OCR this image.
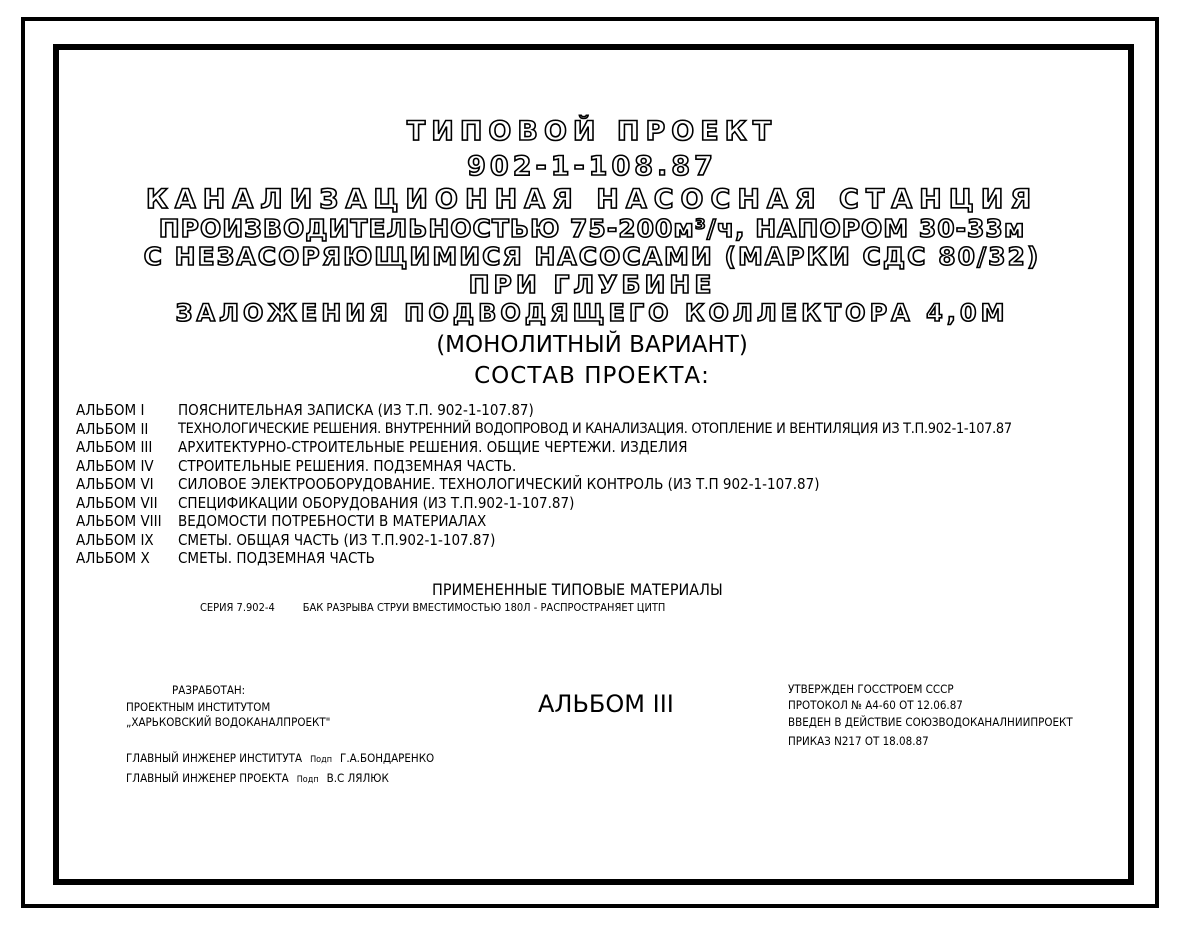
ТИПОВОЙ ПРОЕКТ
902-1-108.87
КАНАЛИЗАЦИОННАЯ НАСОСНАЯ СТАНЦИЯ
ПРОИЗВОДИТЕЛЬНОСТЬЮ 75-200м³/ч, НАПОРОМ 30-33м
С НЕЗАСОРЯЮЩИМИСЯ НАСОСАМИ (МАРКИ СДС 80/32)
ПРИ ГЛУБИНЕ
ЗАЛОЖЕНИЯ ПОДВОДЯЩЕГО КОЛЛЕКТОРА 4,0М
(МОНОЛИТНЫЙ ВАРИАНТ)
СОСТАВ ПРОЕКТА:
АЛЬБОМ I ПОЯСНИТЕЛЬНАЯ ЗАПИСКА (ИЗ Т.П. 902-1-107.87)
АЛЬБОМ II ТЕХНОЛОГИЧЕСКИЕ РЕШЕНИЯ. ВНУТРЕННИЙ ВОДОПРОВОД И КАНАЛИЗАЦИЯ. ОТОПЛЕНИЕ И ВЕНТИЛЯЦИЯ ИЗ Т.П.902-1-107.87
АЛЬБОМ III АРХИТЕКТУРНО-СТРОИТЕЛЬНЫЕ РЕШЕНИЯ. ОБЩИЕ ЧЕРТЕЖИ. ИЗДЕЛИЯ
АЛЬБОМ IV СТРОИТЕЛЬНЫЕ РЕШЕНИЯ. ПОДЗЕМНАЯ ЧАСТЬ.
АЛЬБОМ VI СИЛОВОЕ ЭЛЕКТРООБОРУДОВАНИЕ. ТЕХНОЛОГИЧЕСКИЙ КОНТРОЛЬ (ИЗ Т.П 902-1-107.87)
АЛЬБОМ VII СПЕЦИФИКАЦИИ ОБОРУДОВАНИЯ (ИЗ Т.П.902-1-107.87)
АЛЬБОМ VIII ВЕДОМОСТИ ПОТРЕБНОСТИ В МАТЕРИАЛАХ
АЛЬБОМ IX СМЕТЫ. ОБЩАЯ ЧАСТЬ (ИЗ Т.П.902-1-107.87)
АЛЬБОМ X СМЕТЫ. ПОДЗЕМНАЯ ЧАСТЬ
ПРИМЕНЕННЫЕ ТИПОВЫЕ МАТЕРИАЛЫ
СЕРИЯ 7.902-4	БАК РАЗРЫВА СТРУИ ВМЕСТИМОСТЬЮ 180Л - РАСПРОСТРАНЯЕТ ЦИТП
РАЗРАБОТАН:
ПРОЕКТНЫМ ИНСТИТУТОМ
„ХАРЬКОВСКИЙ ВОДОКАНАЛПРОЕКТ"
ГЛАВНЫЙ ИНЖЕНЕР ИНСТИТУТА Подп Г.А.БОНДАРЕНКО
ГЛАВНЫЙ ИНЖЕНЕР ПРОЕКТА Подп В.С ЛЯЛЮК
АЛЬБОМ III
УТВЕРЖДЕН ГОССТРОЕМ СССР
ПРОТОКОЛ № А4-60 ОТ 12.06.87
ВВЕДЕН В ДЕЙСТВИЕ СОЮЗВОДОКАНАЛНИИПРОЕКТ
ПРИКАЗ N217 ОТ 18.08.87
